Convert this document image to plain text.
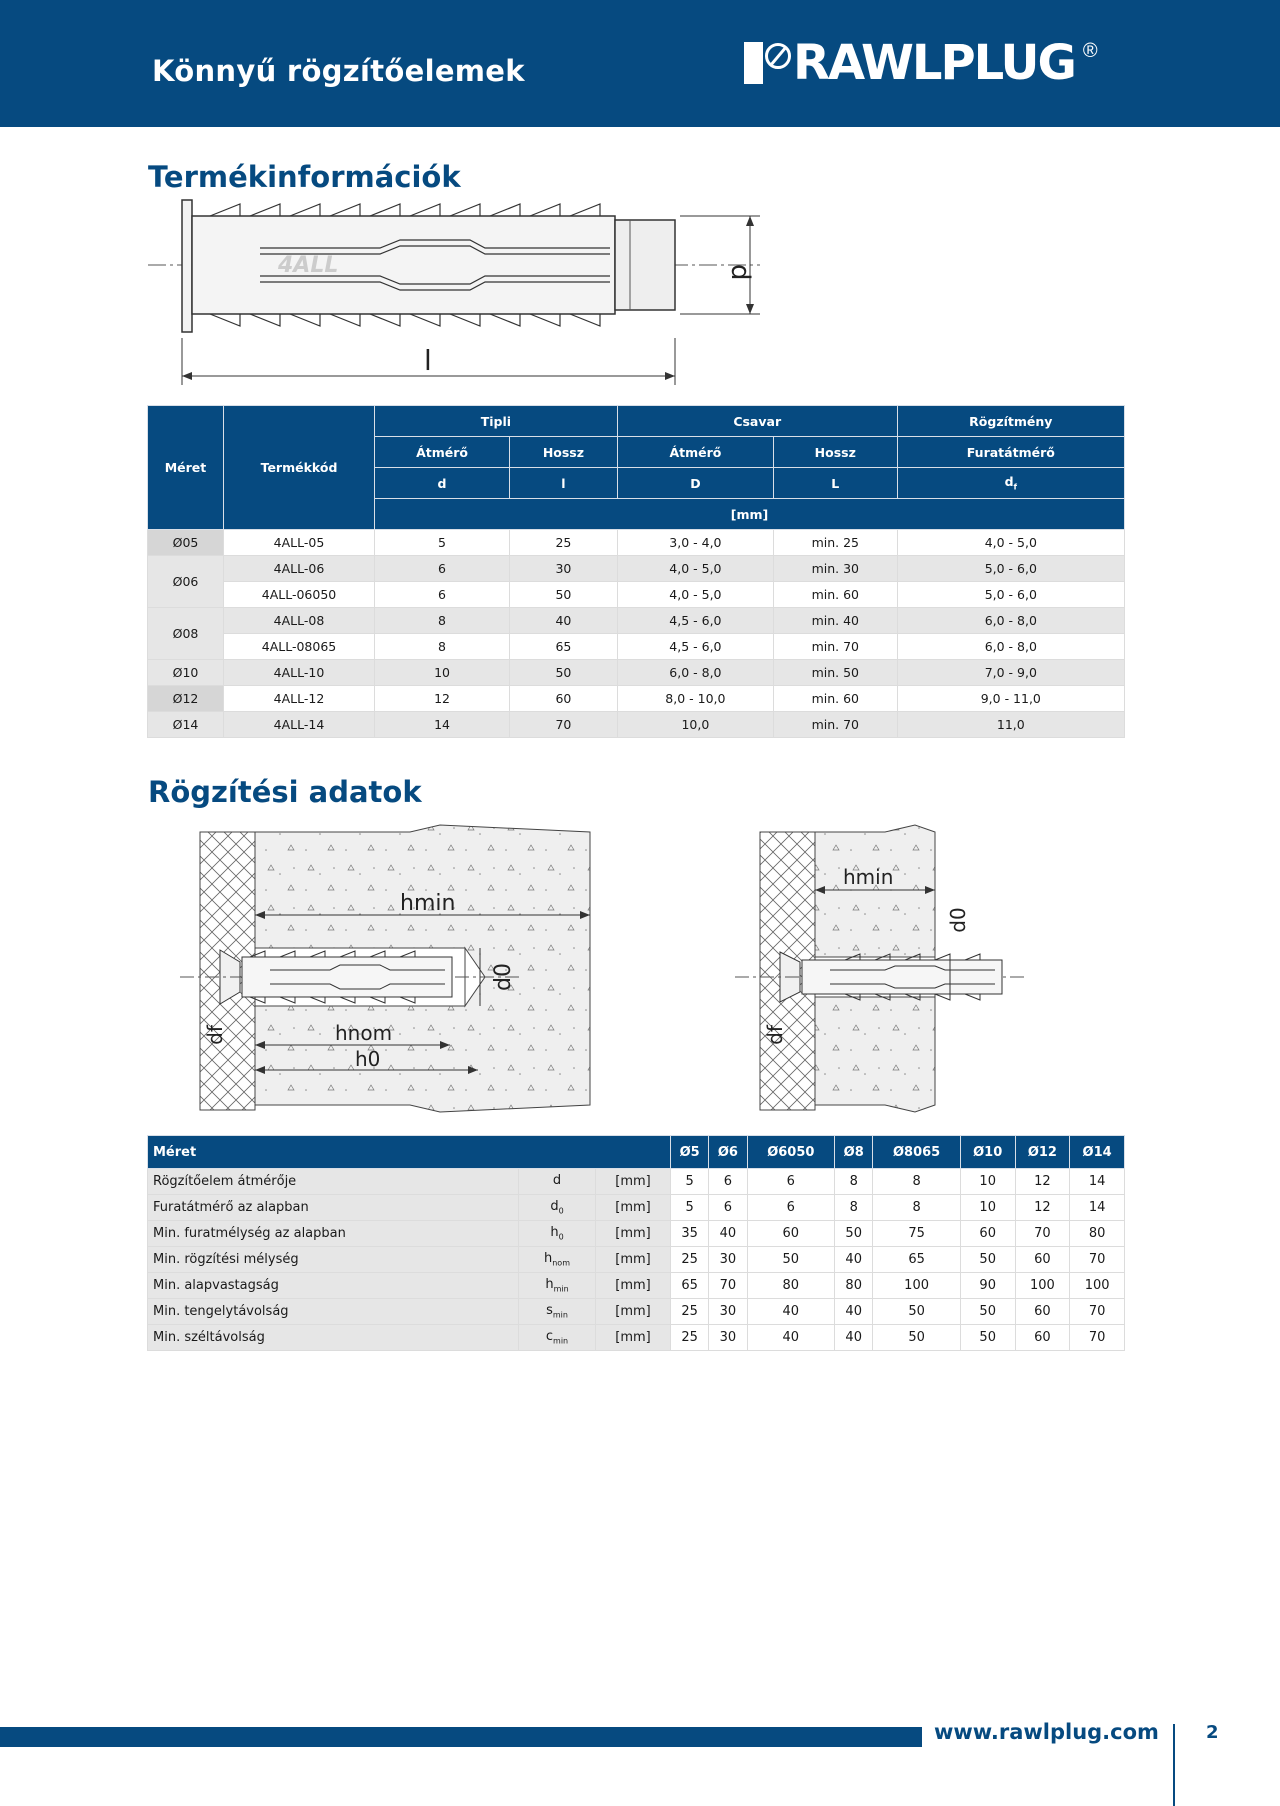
Könnyű rögzítőelemek	RAWLPLUG ®
Termékinformációk
4ALL	d
l
Méret	Termékkód	Tipli		Csavar		Rögzítmény
		Átmérő	Hossz	Átmérő	Hossz	Furatátmérő
		d	l	D	L	$d_f$
		[mm]				
Ø05	4ALL-05	5	25	3,0 - 4,0	min. 25	4,0 - 5,0
Ø06	4ALL-06	6	30	4,0 - 5,0	min. 30	5,0 - 6,0
	4ALL-06050	6	50	4,0 - 5,0	min. 60	5,0 - 6,0
Ø08	4ALL-08	8	40	4,5 - 6,0	min. 40	6,0 - 8,0
	4ALL-08065	8	65	4,5 - 6,0	min. 70	6,0 - 8,0
Ø10	4ALL-10	10	50	6,0 - 8,0	min. 50	7,0 - 9,0
Ø12	4ALL-12	12	60	8,0 - 10,0	min. 60	9,0 - 11,0
Ø14	4ALL-14	14	70	10,0	min. 70	11,0
Rögzítési adatok
hmin
d0
hnom
h0
df
hmin
d0
df
Méret			Ø5	Ø6	Ø6050	Ø8	Ø8065	Ø10	Ø12	Ø14
Rögzítőelem átmérője	d	[mm]	5	6	6	8	8	10	12	14
Furatátmérő az alapban	$d_0$	[mm]	5	6	6	8	8	10	12	14
Min. furatmélység az alapban	$h_0$	[mm]	35	40	60	50	75	60	70	80
Min. rögzítési mélység	$h_{nom}$	[mm]	25	30	50	40	65	50	60	70
Min. alapvastagság	$h_{min}$	[mm]	65	70	80	80	100	90	100	100
Min. tengelytávolság	$s_{min}$	[mm]	25	30	40	40	50	50	60	70
Min. széltávolság	$c_{min}$	[mm]	25	30	40	40	50	50	60	70
www.rawlplug.com	2
